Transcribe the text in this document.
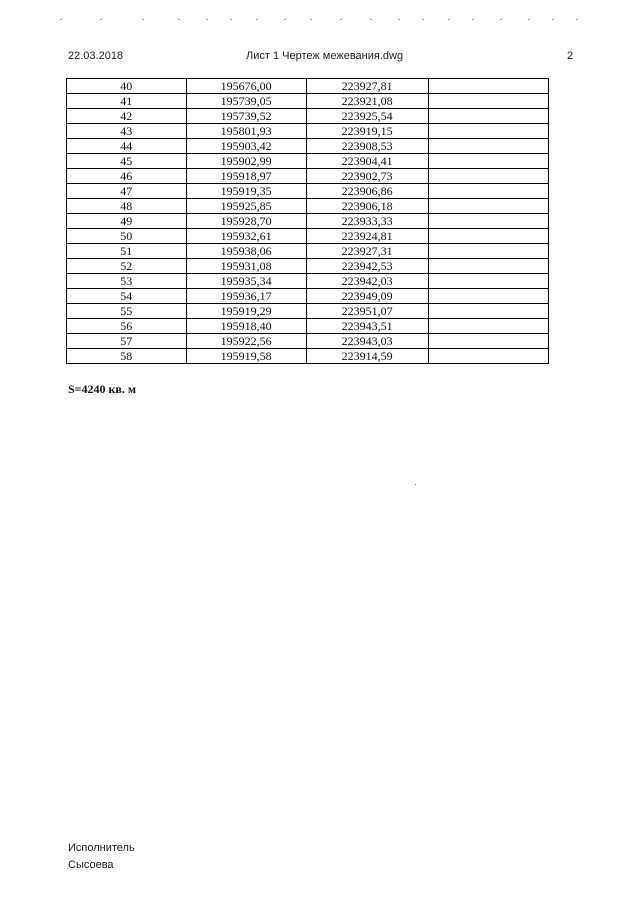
22.03.2018	Лист 1 Чертеж межевания.dwg	2
40	195676,00	223927,81	
41	195739,05	223921,08	
42	195739,52	223925,54	
43	195801,93	223919,15	
44	195903,42	223908,53	
45	195902,99	223904,41	
46	195918,97	223902,73	
47	195919,35	223906,86	
48	195925,85	223906,18	
49	195928,70	223933,33	
50	195932,61	223924,81	
51	195938,06	223927,31	
52	195931,08	223942,53	
53	195935,34	223942,03	
54	195936,17	223949,09	
55	195919,29	223951,07	
56	195918,40	223943,51	
57	195922,56	223943,03	
58	195919,58	223914,59	
S=4240 кв. м
Исполнитель
Сысоева
